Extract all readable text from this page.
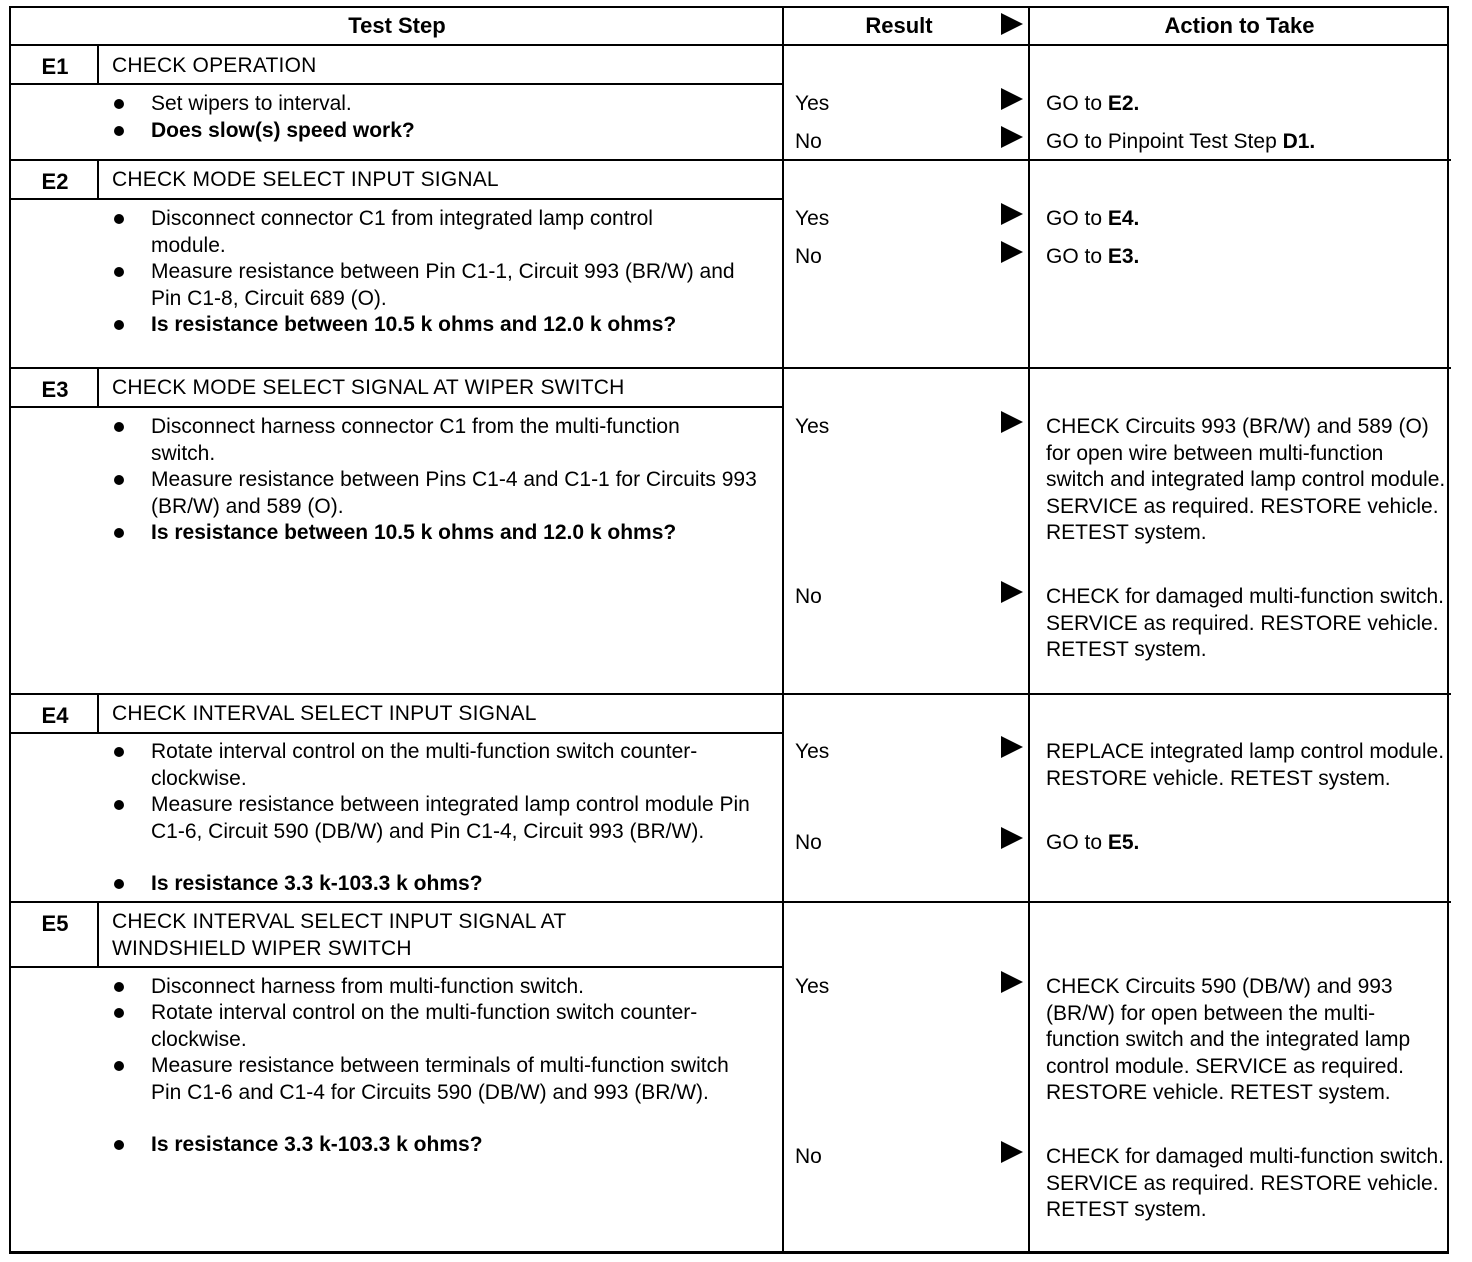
Test Step	Result	Action to Take
E1	CHECK OPERATION
Set wipers to interval.
Does slow(s) speed work?
Yes	GO to E2.
No	GO to Pinpoint Test Step D1.
E2	CHECK MODE SELECT INPUT SIGNAL
Disconnect connector C1 from integrated lamp control module.
Measure resistance between Pin C1-1, Circuit 993 (BR/W) and Pin C1-8, Circuit 689 (O).
Is resistance between 10.5 k ohms and 12.0 k ohms?
Yes	GO to E4.
No	GO to E3.
E3	CHECK MODE SELECT SIGNAL AT WIPER SWITCH
Disconnect harness connector C1 from the multi-function switch.
Measure resistance between Pins C1-4 and C1-1 for Circuits 993 (BR/W) and 589 (O).
Is resistance between 10.5 k ohms and 12.0 k ohms?
Yes	CHECK Circuits 993 (BR/W) and 589 (O) for open wire between multi-function switch and integrated lamp control module. SERVICE as required. RESTORE vehicle. RETEST system.
No	CHECK for damaged multi-function switch. SERVICE as required. RESTORE vehicle. RETEST system.
E4	CHECK INTERVAL SELECT INPUT SIGNAL
Rotate interval control on the multi-function switch counter-clockwise.
Measure resistance between integrated lamp control module Pin C1-6, Circuit 590 (DB/W) and Pin C1-4, Circuit 993 (BR/W).
Is resistance 3.3 k-103.3 k ohms?
Yes	REPLACE integrated lamp control module. RESTORE vehicle. RETEST system.
No	GO to E5.
E5	CHECK INTERVAL SELECT INPUT SIGNAL AT WINDSHIELD WIPER SWITCH
Disconnect harness from multi-function switch.
Rotate interval control on the multi-function switch counter-clockwise.
Measure resistance between terminals of multi-function switch Pin C1-6 and C1-4 for Circuits 590 (DB/W) and 993 (BR/W).
Is resistance 3.3 k-103.3 k ohms?
Yes	CHECK Circuits 590 (DB/W) and 993 (BR/W) for open between the multi-function switch and the integrated lamp control module. SERVICE as required. RESTORE vehicle. RETEST system.
No	CHECK for damaged multi-function switch. SERVICE as required. RESTORE vehicle. RETEST system.
